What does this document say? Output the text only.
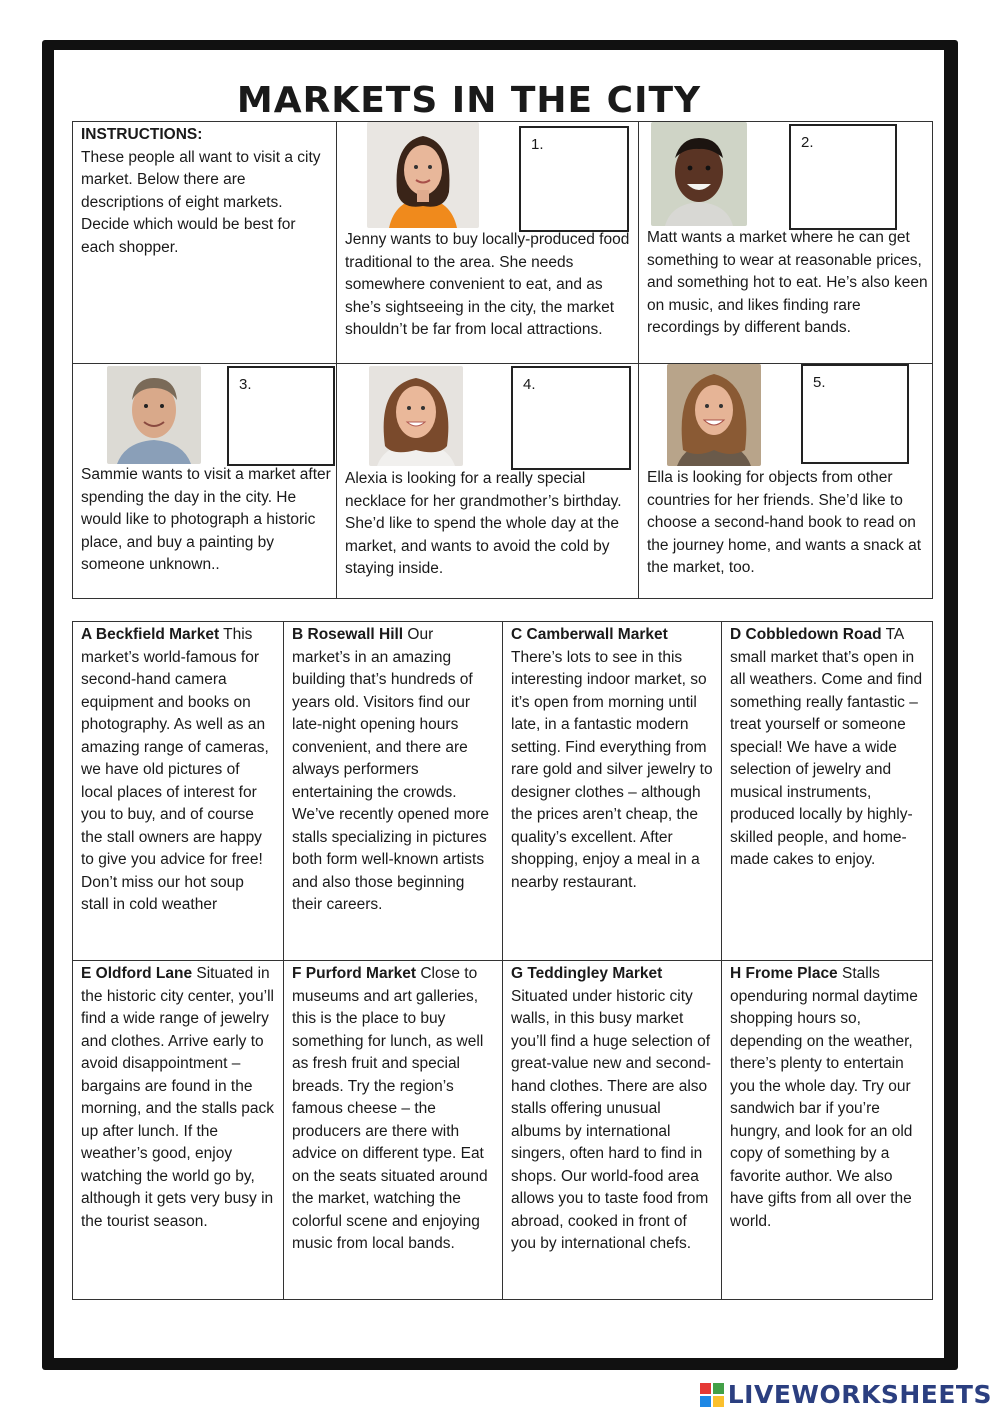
MARKETS IN THE CITY
INSTRUCTIONS:
These people all want to visit a city market. Below there are descriptions of eight markets. Decide which would be best for each shopper.
1.
Jenny wants to buy locally-produced food traditional to the area. She needs somewhere convenient to eat, and as she’s sightseeing in the city, the market shouldn’t be far from local attractions.
2.
Matt wants a market where he can get something to wear at reasonable prices, and something hot to eat. He’s also keen on music, and likes finding rare recordings by different bands.
3.
Sammie wants to visit a market after spending the day in the city. He would like to photograph a historic place, and buy a painting by someone unknown..
4.
Alexia is looking for a really special necklace for her grandmother’s birthday. She’d like to spend the whole day at the market, and wants to avoid the cold by staying inside.
5.
Ella is looking for objects from other countries for her friends. She’d like to choose a second-hand book to read on the journey home, and wants a snack at the market, too.
A Beckfield Market This market’s world-famous for second-hand camera equipment and books on photography. As well as an amazing range of cameras, we have old pictures of local places of interest for you to buy, and of course the stall owners are happy to give you advice for free! Don’t miss our hot soup stall in cold weather
B Rosewall Hill Our market’s in an amazing building that’s hundreds of years old. Visitors find our late-night opening hours convenient, and there are always performers entertaining the crowds. We’ve recently opened more stalls specializing in pictures both form well-known artists and also those beginning their careers.
C Camberwall Market There’s lots to see in this interesting indoor market, so it’s open from morning until late, in a fantastic modern setting. Find everything from rare gold and silver jewelry to designer clothes – although the prices aren’t cheap, the quality’s excellent. After shopping, enjoy a meal in a nearby restaurant.
D Cobbledown Road TA small market that’s open in all weathers. Come and find something really fantastic – treat yourself or someone special! We have a wide selection of jewelry and musical instruments, produced locally by highly-skilled people, and home-made cakes to enjoy.
E Oldford Lane Situated in the historic city center, you’ll find a wide range of jewelry and clothes. Arrive early to avoid disappointment – bargains are found in the morning, and the stalls pack up after lunch. If the weather’s good, enjoy watching the world go by, although it gets very busy in the tourist season.
F Purford Market Close to museums and art galleries, this is the place to buy something for lunch, as well as fresh fruit and special breads. Try the region’s famous cheese – the producers are there with advice on different type. Eat on the seats situated around the market, watching the colorful scene and enjoying music from local bands.
G Teddingley Market Situated under historic city walls, in this busy market you’ll find a huge selection of great-value new and second-hand clothes. There are also stalls offering unusual albums by international singers, often hard to find in shops. Our world-food area allows you to taste food from abroad, cooked in front of you by international chefs.
H Frome Place Stalls openduring normal daytime shopping hours so, depending on the weather, there’s plenty to entertain you the whole day. Try our sandwich bar if you’re hungry, and look for an old copy of something by a favorite author. We also have gifts from all over the world.
LIVEWORKSHEETS
